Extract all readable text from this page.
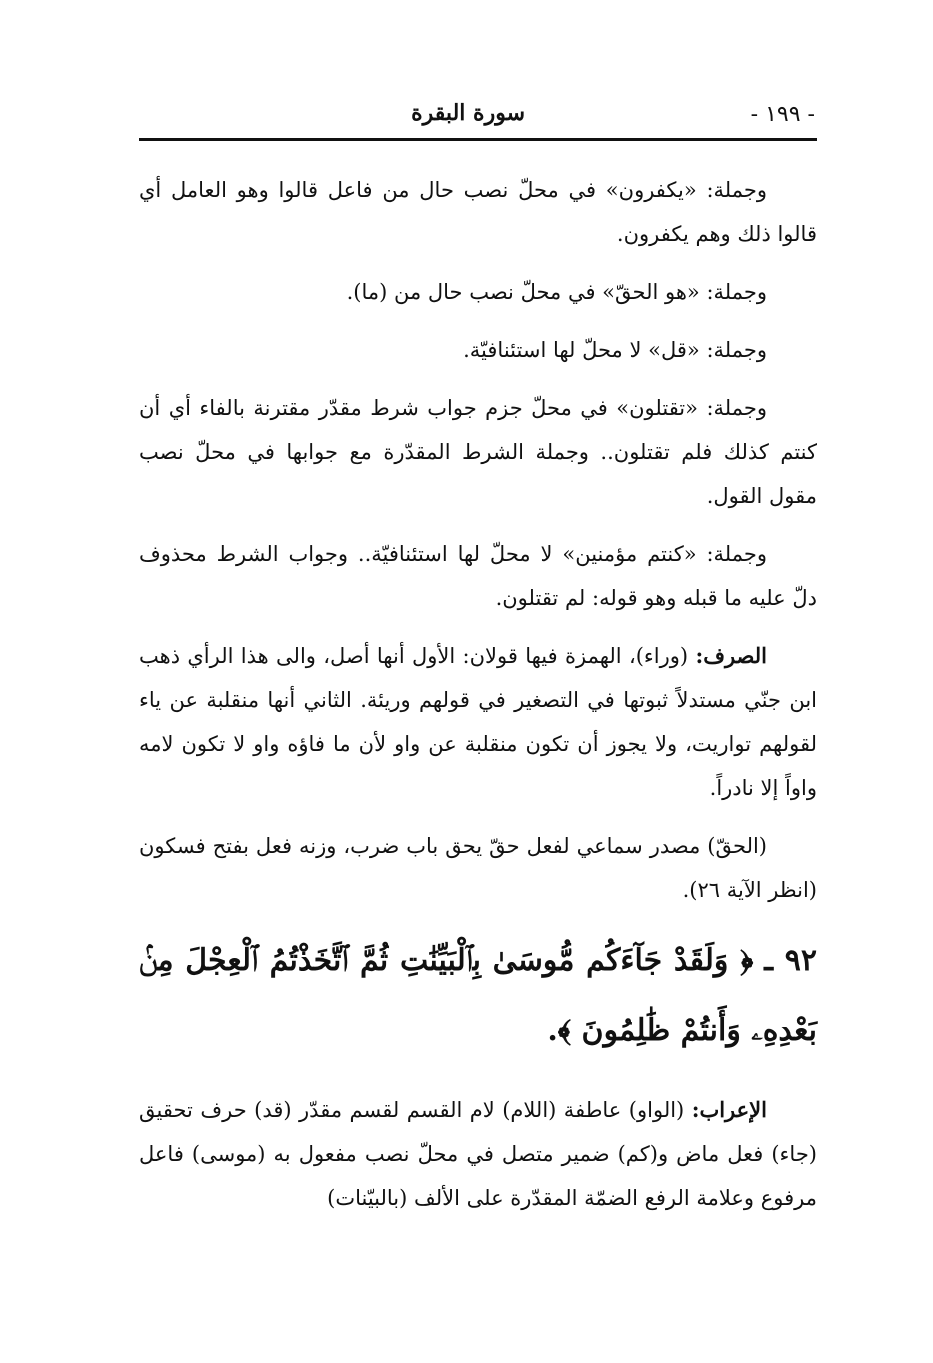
- ١٩٩ -
سورة البقرة

وجملة: «يكفرون» في محلّ نصب حال من فاعل قالوا وهو العامل أي قالوا ذلك وهم يكفرون.

وجملة: «هو الحقّ» في محلّ نصب حال من (ما).

وجملة: «قل» لا محلّ لها استئنافيّة.

وجملة: «تقتلون» في محلّ جزم جواب شرط مقدّر مقترنة بالفاء أي أن كنتم كذلك فلم تقتلون.. وجملة الشرط المقدّرة مع جوابها في محلّ نصب مقول القول.

وجملة: «كنتم مؤمنين» لا محلّ لها استئنافيّة.. وجواب الشرط محذوف دلّ عليه ما قبله وهو قوله: لم تقتلون.

الصرف: (وراء)، الهمزة فيها قولان: الأول أنها أصل، والى هذا الرأي ذهب ابن جنّي مستدلاً ثبوتها في التصغير في قولهم وريئة. الثاني أنها منقلبة عن ياء لقولهم تواريت، ولا يجوز أن تكون منقلبة عن واو لأن ما فاؤه واو لا تكون لامه واواً إلا نادراً.

(الحقّ) مصدر سماعي لفعل حقّ يحق باب ضرب، وزنه فعل بفتح فسكون (انظر الآية ٢٦).

٩٢ ـ ﴿ وَلَقَدْ جَآءَكُم مُّوسَىٰ بِٱلْبَيِّنَٰتِ ثُمَّ ٱتَّخَذْتُمُ ٱلْعِجْلَ مِنۢ بَعْدِهِۦ وَأَنتُمْ ظَٰلِمُونَ ﴾.

الإعراب: (الواو) عاطفة (اللام) لام القسم لقسم مقدّر (قد) حرف تحقيق (جاء) فعل ماض و(كم) ضمير متصل في محلّ نصب مفعول به (موسى) فاعل مرفوع وعلامة الرفع الضمّة المقدّرة على الألف (بالبيّنات)
